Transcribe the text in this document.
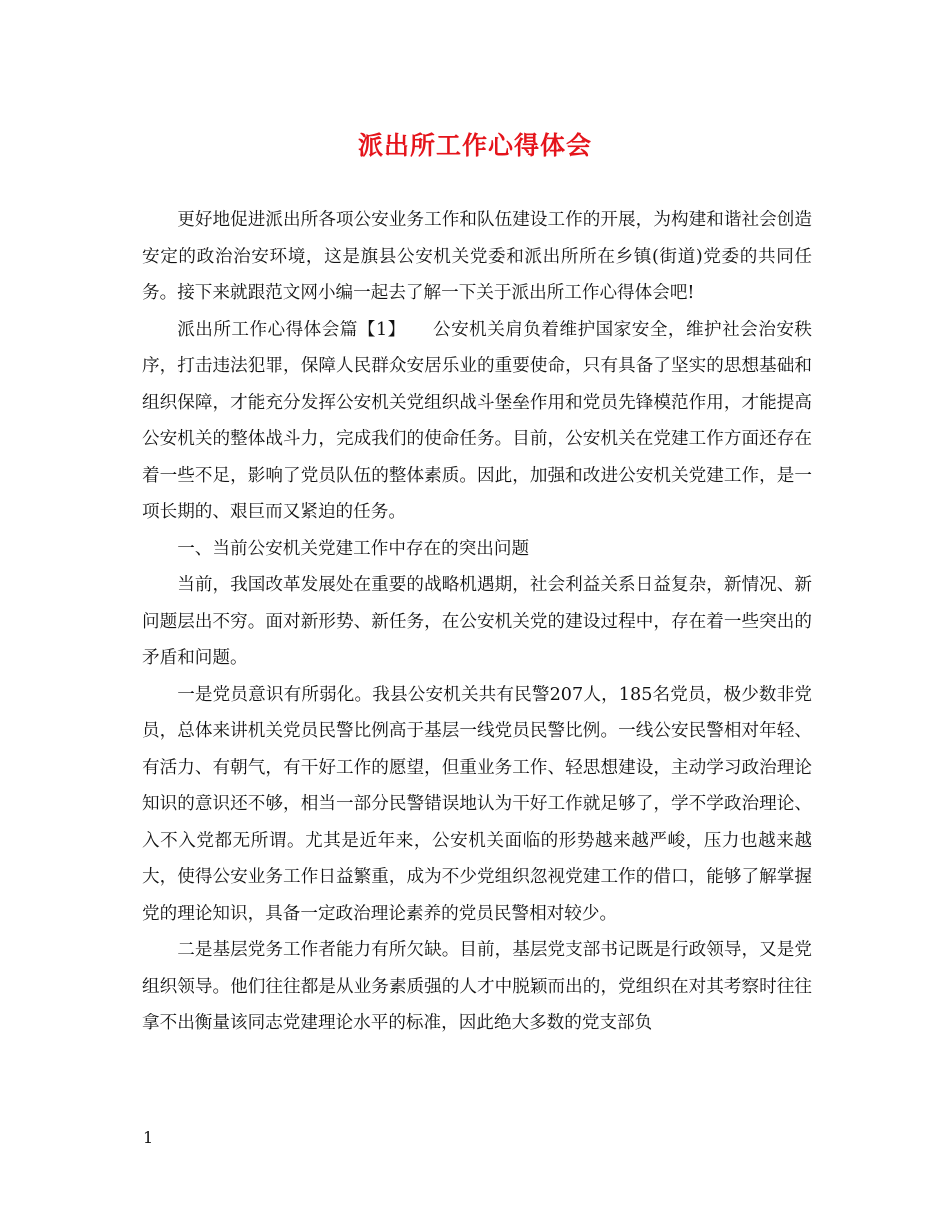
派出所工作心得体会

更好地促进派出所各项公安业务工作和队伍建设工作的开展，为构建和谐社会创造安定的政治治安环境，这是旗县公安机关党委和派出所所在乡镇(街道)党委的共同任务。接下来就跟范文网小编一起去了解一下关于派出所工作心得体会吧!

派出所工作心得体会篇【1】　　公安机关肩负着维护国家安全，维护社会治安秩序，打击违法犯罪，保障人民群众安居乐业的重要使命，只有具备了坚实的思想基础和组织保障，才能充分发挥公安机关党组织战斗堡垒作用和党员先锋模范作用，才能提高公安机关的整体战斗力，完成我们的使命任务。目前，公安机关在党建工作方面还存在着一些不足，影响了党员队伍的整体素质。因此，加强和改进公安机关党建工作，是一项长期的、艰巨而又紧迫的任务。

一、当前公安机关党建工作中存在的突出问题

当前，我国改革发展处在重要的战略机遇期，社会利益关系日益复杂，新情况、新问题层出不穷。面对新形势、新任务，在公安机关党的建设过程中，存在着一些突出的矛盾和问题。

一是党员意识有所弱化。我县公安机关共有民警207人，185名党员，极少数非党员，总体来讲机关党员民警比例高于基层一线党员民警比例。一线公安民警相对年轻、有活力、有朝气，有干好工作的愿望，但重业务工作、轻思想建设，主动学习政治理论知识的意识还不够，相当一部分民警错误地认为干好工作就足够了，学不学政治理论、入不入党都无所谓。尤其是近年来，公安机关面临的形势越来越严峻，压力也越来越大，使得公安业务工作日益繁重，成为不少党组织忽视党建工作的借口，能够了解掌握党的理论知识，具备一定政治理论素养的党员民警相对较少。

二是基层党务工作者能力有所欠缺。目前，基层党支部书记既是行政领导，又是党组织领导。他们往往都是从业务素质强的人才中脱颖而出的，党组织在对其考察时往往拿不出衡量该同志党建理论水平的标准，因此绝大多数的党支部负

1
